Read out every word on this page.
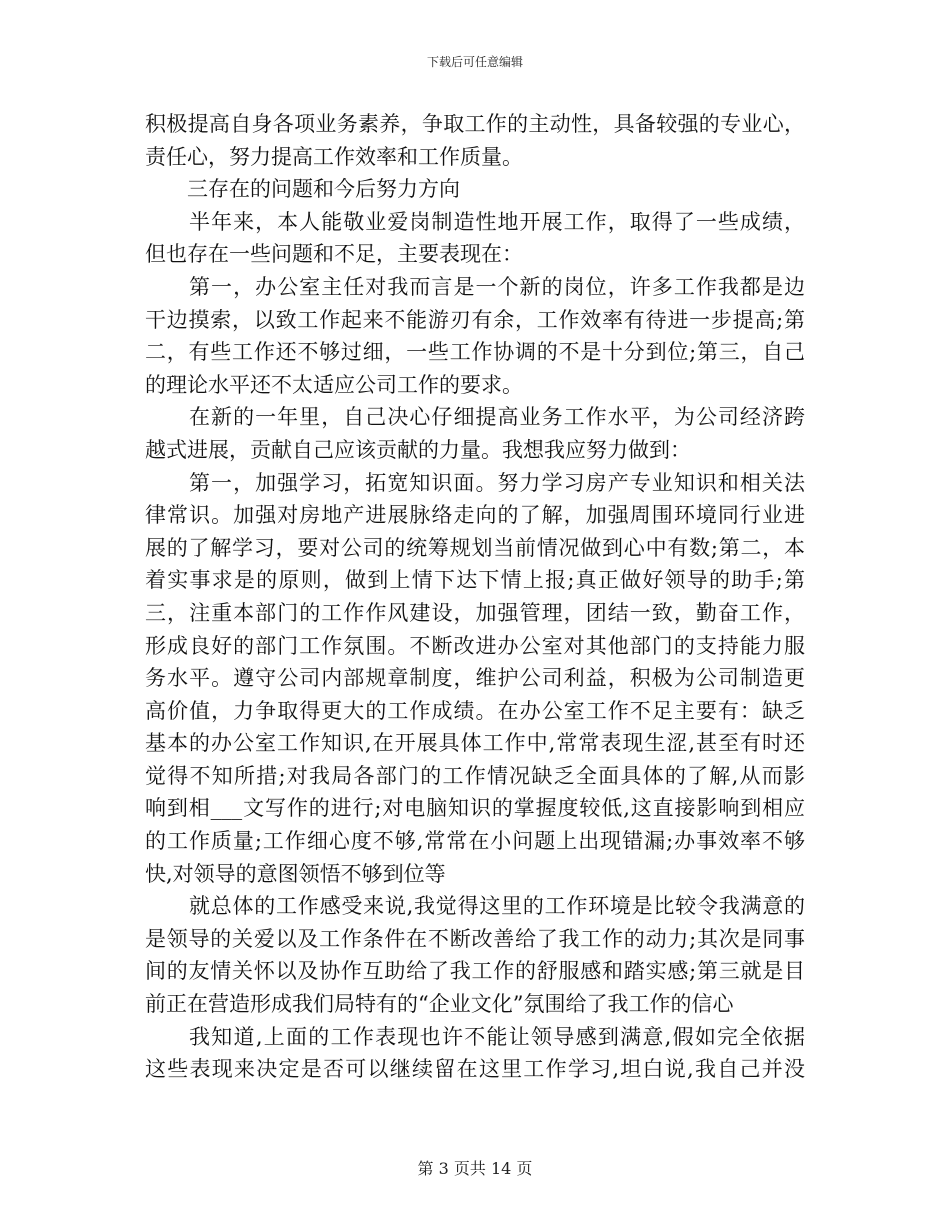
下载后可任意编辑
积极提高自身各项业务素养，争取工作的主动性，具备较强的专业心，
责任心，努力提高工作效率和工作质量。
三存在的问题和今后努力方向
半年来，本人能敬业爱岗制造性地开展工作，取得了一些成绩，
但也存在一些问题和不足，主要表现在：
第一，办公室主任对我而言是一个新的岗位，许多工作我都是边
干边摸索，以致工作起来不能游刃有余，工作效率有待进一步提高;第
二，有些工作还不够过细，一些工作协调的不是十分到位;第三，自己
的理论水平还不太适应公司工作的要求。
在新的一年里，自己决心仔细提高业务工作水平，为公司经济跨
越式进展，贡献自己应该贡献的力量。我想我应努力做到：
第一，加强学习，拓宽知识面。努力学习房产专业知识和相关法
律常识。加强对房地产进展脉络走向的了解，加强周围环境同行业进
展的了解学习，要对公司的统筹规划当前情况做到心中有数;第二，本
着实事求是的原则，做到上情下达下情上报;真正做好领导的助手;第
三，注重本部门的工作作风建设，加强管理，团结一致，勤奋工作，
形成良好的部门工作氛围。不断改进办公室对其他部门的支持能力服
务水平。遵守公司内部规章制度，维护公司利益，积极为公司制造更
高价值，力争取得更大的工作成绩。在办公室工作不足主要有：缺乏
基本的办公室工作知识,在开展具体工作中,常常表现生涩,甚至有时还
觉得不知所措;对我局各部门的工作情况缺乏全面具体的了解,从而影
响到相___文写作的进行;对电脑知识的掌握度较低,这直接影响到相应
的工作质量;工作细心度不够,常常在小问题上出现错漏;办事效率不够
快,对领导的意图领悟不够到位等
就总体的工作感受来说,我觉得这里的工作环境是比较令我满意的
是领导的关爱以及工作条件在不断改善给了我工作的动力;其次是同事
间的友情关怀以及协作互助给了我工作的舒服感和踏实感;第三就是目
前正在营造形成我们局特有的“企业文化”氛围给了我工作的信心
我知道,上面的工作表现也许不能让领导感到满意,假如完全依据
这些表现来决定是否可以继续留在这里工作学习,坦白说,我自己并没
第 3 页共 14 页
